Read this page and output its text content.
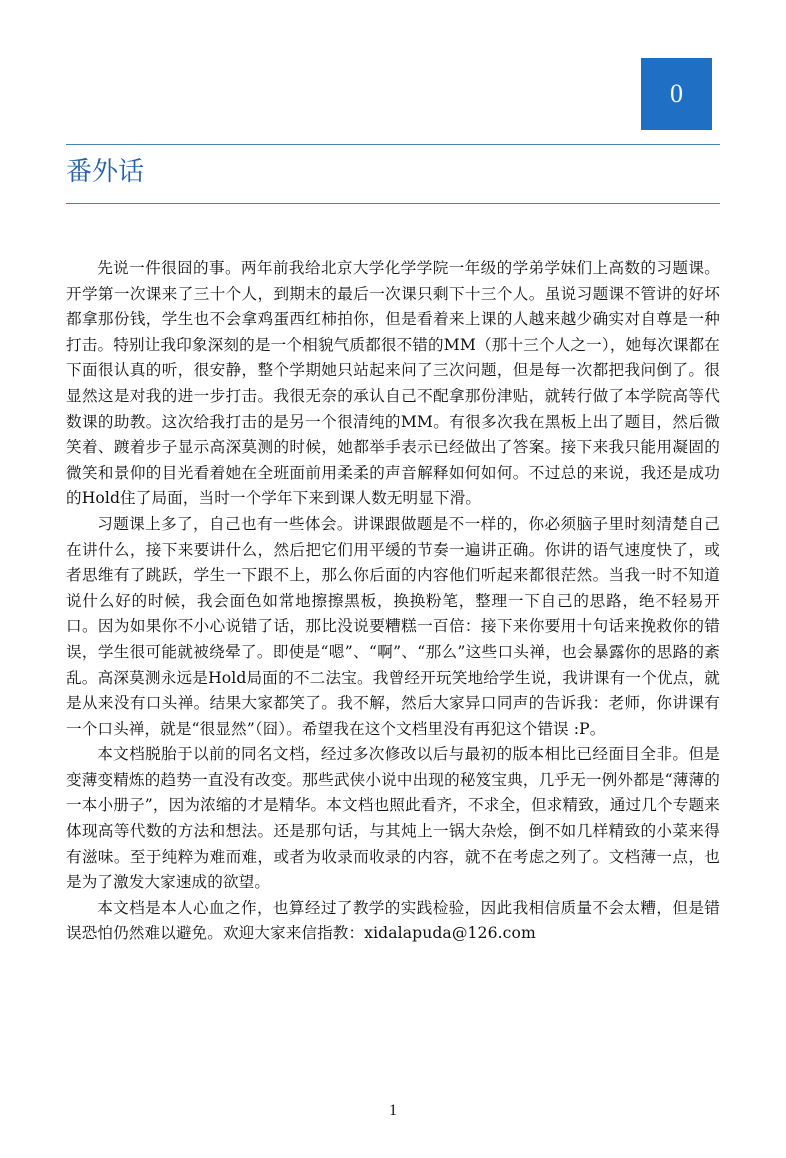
0
番外话

先说一件很囧的事。两年前我给北京大学化学学院一年级的学弟学妹们上高数的习题课。开学第一次课来了三十个人，到期末的最后一次课只剩下十三个人。虽说习题课不管讲的好坏都拿那份钱，学生也不会拿鸡蛋西红柿拍你，但是看着来上课的人越来越少确实对自尊是一种打击。特别让我印象深刻的是一个相貌气质都很不错的MM（那十三个人之一），她每次课都在下面很认真的听，很安静，整个学期她只站起来问了三次问题，但是每一次都把我问倒了。很显然这是对我的进一步打击。我很无奈的承认自己不配拿那份津贴，就转行做了本学院高等代数课的助教。这次给我打击的是另一个很清纯的MM。有很多次我在黑板上出了题目，然后微笑着、踱着步子显示高深莫测的时候，她都举手表示已经做出了答案。接下来我只能用凝固的微笑和景仰的目光看着她在全班面前用柔柔的声音解释如何如何。不过总的来说，我还是成功的Hold住了局面，当时一个学年下来到课人数无明显下滑。

习题课上多了，自己也有一些体会。讲课跟做题是不一样的，你必须脑子里时刻清楚自己在讲什么，接下来要讲什么，然后把它们用平缓的节奏一遍讲正确。你讲的语气速度快了，或者思维有了跳跃，学生一下跟不上，那么你后面的内容他们听起来都很茫然。当我一时不知道说什么好的时候，我会面色如常地擦擦黑板，换换粉笔，整理一下自己的思路，绝不轻易开口。因为如果你不小心说错了话，那比没说要糟糕一百倍：接下来你要用十句话来挽救你的错误，学生很可能就被绕晕了。即使是“嗯”、“啊”、“那么”这些口头禅，也会暴露你的思路的紊乱。高深莫测永远是Hold局面的不二法宝。我曾经开玩笑地给学生说，我讲课有一个优点，就是从来没有口头禅。结果大家都笑了。我不解，然后大家异口同声的告诉我：老师，你讲课有一个口头禅，就是“很显然”（囧）。希望我在这个文档里没有再犯这个错误 :P。

本文档脱胎于以前的同名文档，经过多次修改以后与最初的版本相比已经面目全非。但是变薄变精炼的趋势一直没有改变。那些武侠小说中出现的秘笈宝典，几乎无一例外都是“薄薄的一本小册子”，因为浓缩的才是精华。本文档也照此看齐，不求全，但求精致，通过几个专题来体现高等代数的方法和想法。还是那句话，与其炖上一锅大杂烩，倒不如几样精致的小菜来得有滋味。至于纯粹为难而难，或者为收录而收录的内容，就不在考虑之列了。文档薄一点，也是为了激发大家速成的欲望。

本文档是本人心血之作，也算经过了教学的实践检验，因此我相信质量不会太糟，但是错误恐怕仍然难以避免。欢迎大家来信指教：xidalapuda@126.com

1
